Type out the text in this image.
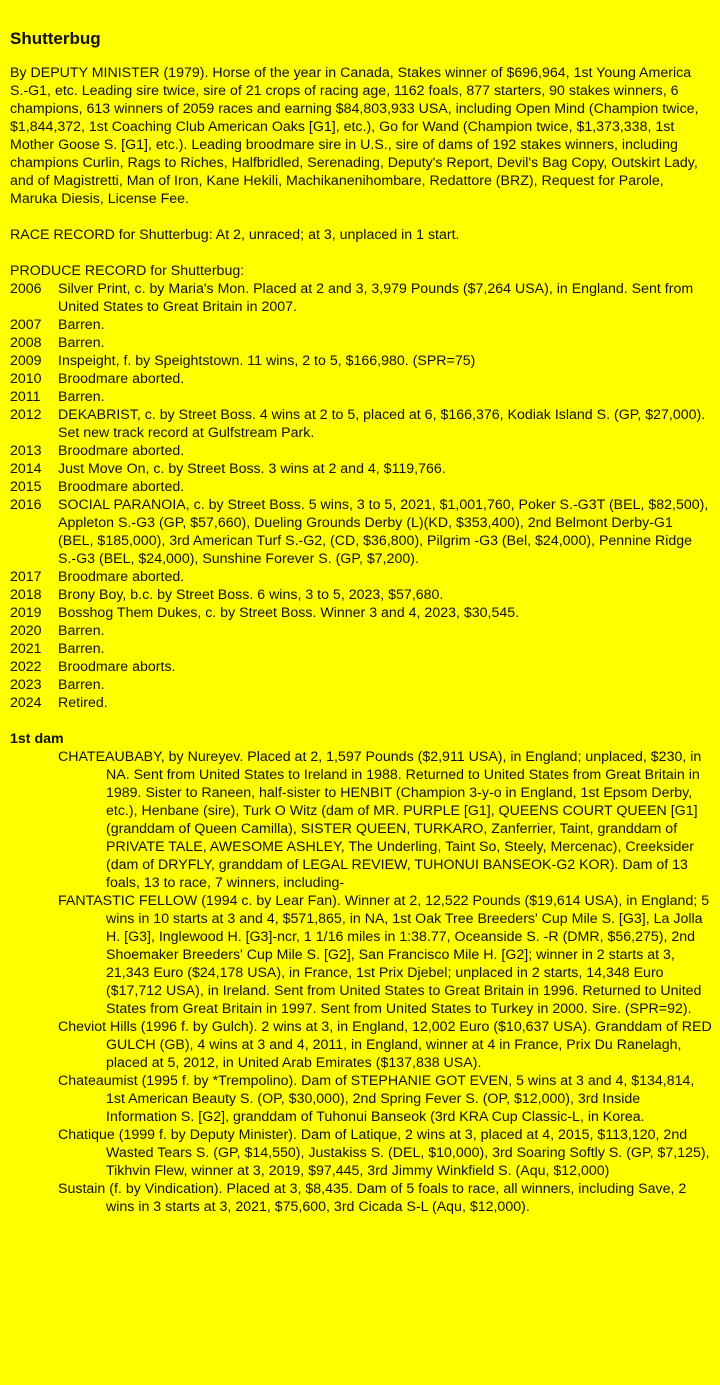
Shutterbug

By DEPUTY MINISTER (1979). Horse of the year in Canada, Stakes winner of $696,964, 1st Young America S.-G1, etc. Leading sire twice, sire of 21 crops of racing age, 1162 foals, 877 starters, 90 stakes winners, 6 champions, 613 winners of 2059 races and earning $84,803,933 USA, including Open Mind (Champion twice, $1,844,372, 1st Coaching Club American Oaks [G1], etc.), Go for Wand (Champion twice, $1,373,338, 1st Mother Goose S. [G1], etc.). Leading broodmare sire in U.S., sire of dams of 192 stakes winners, including champions Curlin, Rags to Riches, Halfbridled, Serenading, Deputy's Report, Devil's Bag Copy, Outskirt Lady, and of Magistretti, Man of Iron, Kane Hekili, Machikanenihombare, Redattore (BRZ), Request for Parole, Maruka Diesis, License Fee.

RACE RECORD for Shutterbug: At 2, unraced; at 3, unplaced in 1 start.

PRODUCE RECORD for Shutterbug:

2006	Silver Print, c. by Maria's Mon. Placed at 2 and 3, 3,979 Pounds ($7,264 USA), in England. Sent from United States to Great Britain in 2007.
2007	Barren.
2008	Barren.
2009	Inspeight, f. by Speightstown. 11 wins, 2 to 5, $166,980. (SPR=75)
2010	Broodmare aborted.
2011	Barren.
2012	DEKABRIST, c. by Street Boss. 4 wins at 2 to 5, placed at 6, $166,376, Kodiak Island S. (GP, $27,000). Set new track record at Gulfstream Park.
2013	Broodmare aborted.
2014	Just Move On, c. by Street Boss. 3 wins at 2 and 4, $119,766.
2015	Broodmare aborted.
2016	SOCIAL PARANOIA, c. by Street Boss. 5 wins, 3 to 5, 2021, $1,001,760, Poker S.-G3T (BEL, $82,500), Appleton S.-G3 (GP, $57,660), Dueling Grounds Derby (L)(KD, $353,400), 2nd Belmont Derby-G1 (BEL, $185,000), 3rd American Turf S.-G2, (CD, $36,800), Pilgrim -G3 (Bel, $24,000), Pennine Ridge S.-G3 (BEL, $24,000), Sunshine Forever S. (GP, $7,200).
2017	Broodmare aborted.
2018	Brony Boy, b.c. by Street Boss. 6 wins, 3 to 5, 2023, $57,680.
2019	Bosshog Them Dukes, c. by Street Boss. Winner 3 and 4, 2023, $30,545.
2020	Barren.
2021	Barren.
2022	Broodmare aborts.
2023	Barren.
2024	Retired.

1st dam

CHATEAUBABY, by Nureyev. Placed at 2, 1,597 Pounds ($2,911 USA), in England; unplaced, $230, in NA. Sent from United States to Ireland in 1988. Returned to United States from Great Britain in 1989. Sister to Raneen, half-sister to HENBIT (Champion 3-y-o in England, 1st Epsom Derby, etc.), Henbane (sire), Turk O Witz (dam of MR. PURPLE [G1], QUEENS COURT QUEEN [G1] (granddam of Queen Camilla), SISTER QUEEN, TURKARO, Zanferrier, Taint, granddam of PRIVATE TALE, AWESOME ASHLEY, The Underling, Taint So, Steely, Mercenac), Creeksider (dam of DRYFLY, granddam of LEGAL REVIEW, TUHONUI BANSEOK-G2 KOR). Dam of 13 foals, 13 to race, 7 winners, including-

FANTASTIC FELLOW (1994 c. by Lear Fan). Winner at 2, 12,522 Pounds ($19,614 USA), in England; 5 wins in 10 starts at 3 and 4, $571,865, in NA, 1st Oak Tree Breeders' Cup Mile S. [G3], La Jolla H. [G3], Inglewood H. [G3]-ncr, 1 1/16 miles in 1:38.77, Oceanside S. -R (DMR, $56,275), 2nd Shoemaker Breeders' Cup Mile S. [G2], San Francisco Mile H. [G2]; winner in 2 starts at 3, 21,343 Euro ($24,178 USA), in France, 1st Prix Djebel; unplaced in 2 starts, 14,348 Euro ($17,712 USA), in Ireland. Sent from United States to Great Britain in 1996. Returned to United States from Great Britain in 1997. Sent from United States to Turkey in 2000. Sire. (SPR=92).

Cheviot Hills (1996 f. by Gulch). 2 wins at 3, in England, 12,002 Euro ($10,637 USA). Granddam of RED GULCH (GB), 4 wins at 3 and 4, 2011, in England, winner at 4 in France, Prix Du Ranelagh, placed at 5, 2012, in United Arab Emirates ($137,838 USA).

Chateaumist (1995 f. by *Trempolino). Dam of STEPHANIE GOT EVEN, 5 wins at 3 and 4, $134,814, 1st American Beauty S. (OP, $30,000), 2nd Spring Fever S. (OP, $12,000), 3rd Inside Information S. [G2], granddam of Tuhonui Banseok (3rd KRA Cup Classic-L, in Korea.

Chatique (1999 f. by Deputy Minister). Dam of Latique, 2 wins at 3, placed at 4, 2015, $113,120, 2nd Wasted Tears S. (GP, $14,550), Justakiss S. (DEL, $10,000), 3rd Soaring Softly S. (GP, $7,125), Tikhvin Flew, winner at 3, 2019, $97,445, 3rd Jimmy Winkfield S. (Aqu, $12,000)

Sustain (f. by Vindication). Placed at 3, $8,435. Dam of 5 foals to race, all winners, including Save, 2 wins in 3 starts at 3, 2021, $75,600, 3rd Cicada S-L (Aqu, $12,000).
